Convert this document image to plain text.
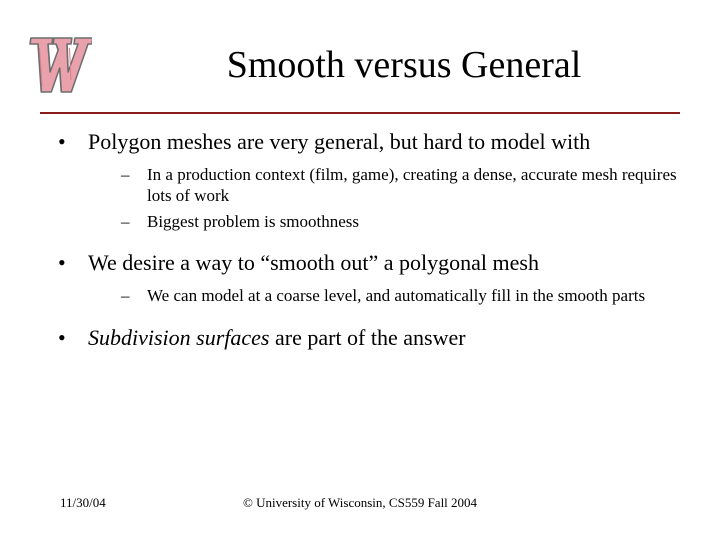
Smooth versus General
•	Polygon meshes are very general, but hard to model with
–	In a production context (film, game), creating a dense, accurate mesh requires lots of work
–	Biggest problem is smoothness
•	We desire a way to “smooth out” a polygonal mesh
–	We can model at a coarse level, and automatically fill in the smooth parts
•	Subdivision surfaces are part of the answer
11/30/04	© University of Wisconsin, CS559 Fall 2004
